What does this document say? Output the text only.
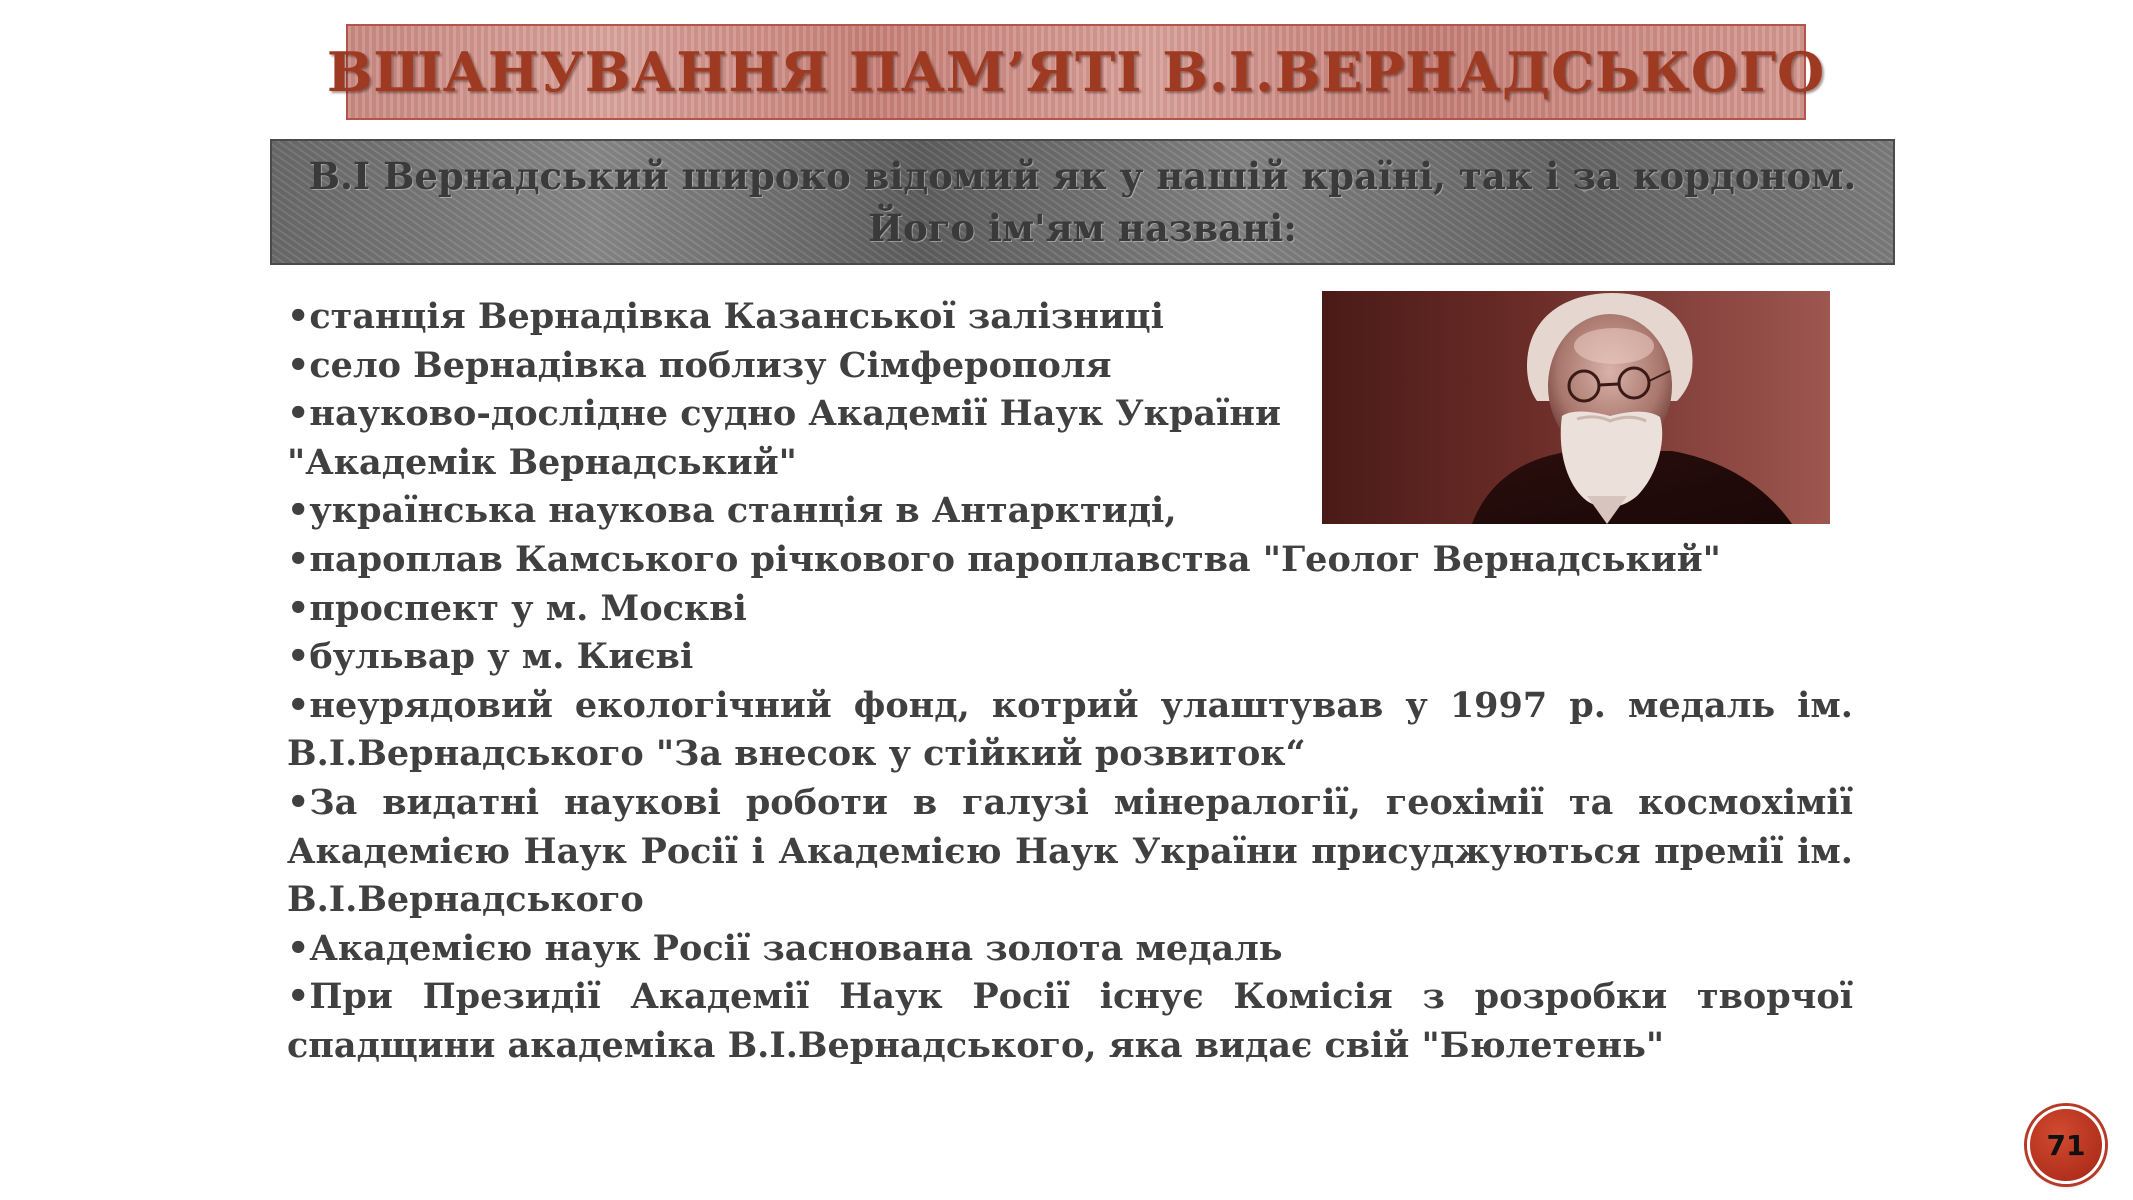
ВШАНУВАННЯ ПАМ’ЯТІ В.І.ВЕРНАДСЬКОГО
В.І Вернадський широко відомий як у нашій країні, так і за кордоном.
Його ім'ям названі:

•станція Вернадівка Казанської залізниці

•село Вернадівка поблизу Сімферополя

•науково-дослідне судно Академії Наук України

"Академік Вернадський"

•українська наукова станція в Антарктиді,

•пароплав Камського річкового пароплавства "Геолог Вернадський"

•проспект у м. Москві

•бульвар у м. Києві

•неурядовий екологічний фонд, котрий улаштував у 1997 р. медаль ім. В.І.Вернадського "За внесок у стійкий розвиток“

•За видатні наукові роботи в галузі мінералогії, геохімії та космохімії Академією Наук Росії і Академією Наук України присуджуються премії ім. В.І.Вернадського

•Академією наук Росії заснована золота медаль

•При Президії Академії Наук Росії існує Комісія з розробки творчої спадщини академіка В.І.Вернадського, яка видає свій "Бюлетень"

71
